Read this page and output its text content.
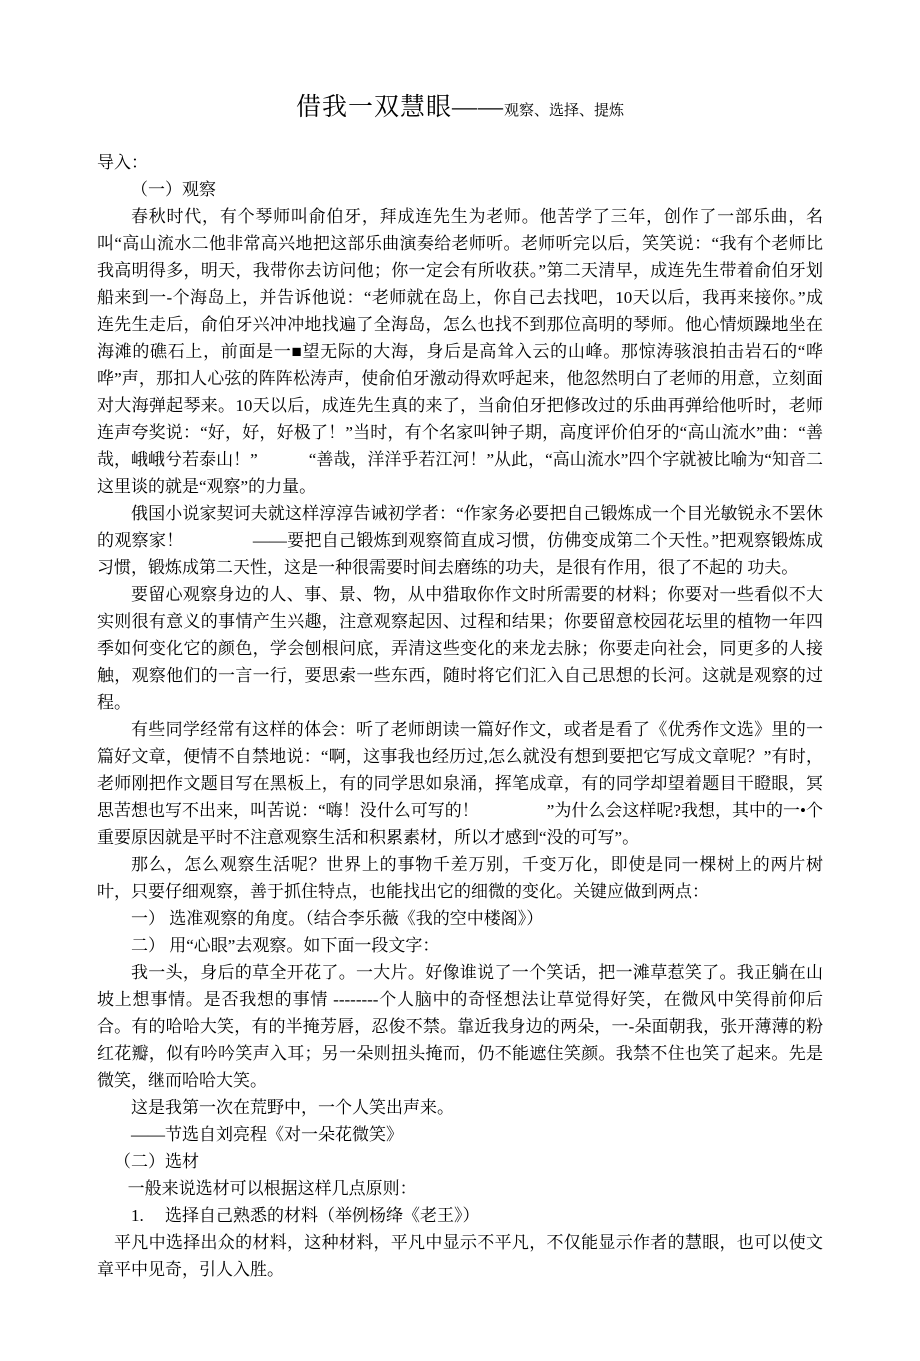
借我一双慧眼——观察、选择、提炼

导入：

（一）观察

春秋时代，有个琴师叫俞伯牙，拜成连先生为老师。他苦学了三年，创作了一部乐曲，名叫“高山流水二他非常高兴地把这部乐曲演奏给老师听。老师听完以后，笑笑说：“我有个老师比我高明得多，明天，我带你去访问他；你一定会有所收获。”第二天清早，成连先生带着俞伯牙划船来到一-个海岛上，并告诉他说：“老师就在岛上，你自己去找吧，10天以后，我再来接你。”成连先生走后，俞伯牙兴冲冲地找遍了全海岛，怎么也找不到那位高明的琴师。他心情烦躁地坐在海滩的礁石上，前面是一■望无际的大海，身后是高耸入云的山峰。那惊涛骇浪拍击岩石的“哗哗”声，那扣人心弦的阵阵松涛声，使俞伯牙激动得欢呼起来，他忽然明白了老师的用意，立刻面对大海弹起琴来。10天以后，成连先生真的来了，当俞伯牙把修改过的乐曲再弹给他听时，老师连声夸奖说：“好，好，好极了！”当时，有个名家叫钟子期，高度评价伯牙的“高山流水”曲：“善哉，峨峨兮若泰山！”　　　“善哉，洋洋乎若江河！”从此，“高山流水”四个字就被比喻为“知音二这里谈的就是“观察”的力量。

俄国小说家契诃夫就这样淳淳告诫初学者：“作家务必要把自己锻炼成一个目光敏锐永不罢休的观察家！　　　　——要把自己锻炼到观察简直成习惯，仿佛变成第二个天性。”把观察锻炼成习惯，锻炼成第二天性，这是一种很需要时间去磨练的功夫，是很有作用，很了不起的 功夫。

要留心观察身边的人、事、景、物，从中猎取你作文时所需要的材料；你要对一些看似不大实则很有意义的事情产生兴趣，注意观察起因、过程和结果；你要留意校园花坛里的植物一年四季如何变化它的颜色，学会刨根问底，弄清这些变化的来龙去脉；你要走向社会，同更多的人接触，观察他们的一言一行，要思索一些东西，随时将它们汇入自己思想的长河。这就是观察的过程。

有些同学经常有这样的体会：听了老师朗读一篇好作文，或者是看了《优秀作文选》里的一篇好文章，便情不自禁地说：“啊，这事我也经历过,怎么就没有想到要把它写成文章呢？”有时，老师刚把作文题目写在黑板上，有的同学思如泉涌，挥笔成章，有的同学却望着题目干瞪眼，冥思苦想也写不出来，叫苦说：“嗨！没什么可写的！　　　　”为什么会这样呢?我想，其中的一•个重要原因就是平时不注意观察生活和积累素材，所以才感到“没的可写”。

那么，怎么观察生活呢？世界上的事物千差万别，千变万化，即使是同一棵树上的两片树叶，只要仔细观察，善于抓住特点，也能找出它的细微的变化。关键应做到两点：

一） 选准观察的角度。（结合李乐薇《我的空中楼阁》）

二） 用“心眼”去观察。如下面一段文字：

我一头，身后的草全开花了。一大片。好像谁说了一个笑话，把一滩草惹笑了。我正躺在山坡上想事情。是否我想的事情 --------个人脑中的奇怪想法让草觉得好笑，在微风中笑得前仰后合。有的哈哈大笑，有的半掩芳唇，忍俊不禁。靠近我身边的两朵，一-朵面朝我，张开薄薄的粉红花瓣，似有吟吟笑声入耳；另一朵则扭头掩而，仍不能遮住笑颜。我禁不住也笑了起来。先是微笑，继而哈哈大笑。

这是我第一次在荒野中，一个人笑出声来。

——节选自刘亮程《对一朵花微笑》

（二）选材

一般来说选材可以根据这样几点原则：

1.　 选择自己熟悉的材料（举例杨绛《老王》）

平凡中选择出众的材料，这种材料，平凡中显示不平凡，不仅能显示作者的慧眼，也可以使文章平中见奇，引人入胜。
